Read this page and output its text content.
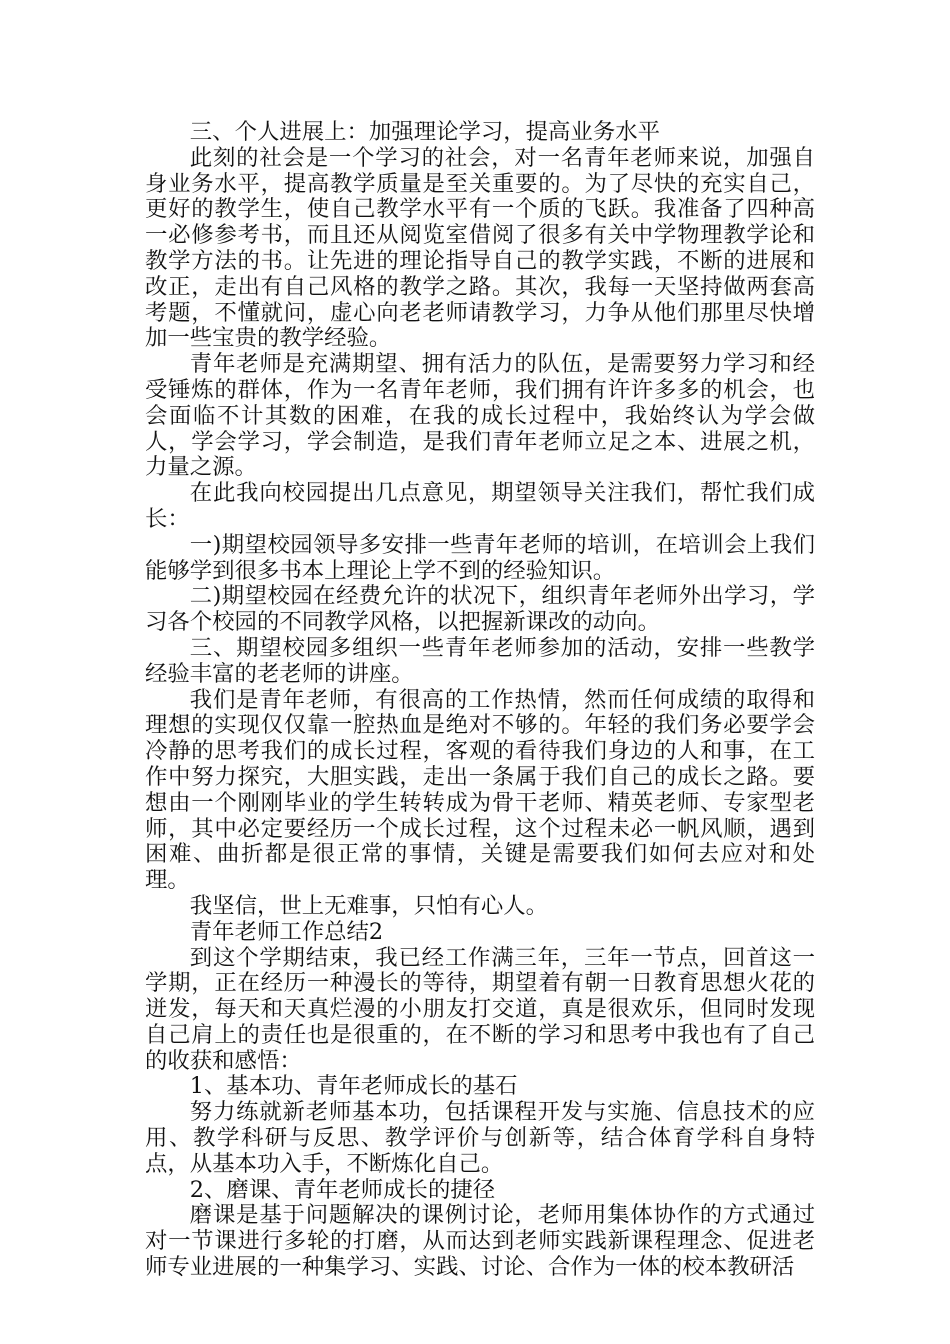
三、个人进展上：加强理论学习，提高业务水平

此刻的社会是一个学习的社会，对一名青年老师来说，加强自身业务水平，提高教学质量是至关重要的。为了尽快的充实自己，更好的教学生，使自己教学水平有一个质的飞跃。我准备了四种高一必修参考书，而且还从阅览室借阅了很多有关中学物理教学论和教学方法的书。让先进的理论指导自己的教学实践，不断的进展和改正，走出有自己风格的教学之路。其次，我每一天坚持做两套高考题，不懂就问，虚心向老老师请教学习，力争从他们那里尽快增加一些宝贵的教学经验。

青年老师是充满期望、拥有活力的队伍，是需要努力学习和经受锤炼的群体，作为一名青年老师，我们拥有许许多多的机会，也会面临不计其数的困难，在我的成长过程中，我始终认为学会做人，学会学习，学会制造，是我们青年老师立足之本、进展之机，力量之源。

在此我向校园提出几点意见，期望领导关注我们，帮忙我们成长：

一)期望校园领导多安排一些青年老师的培训，在培训会上我们能够学到很多书本上理论上学不到的经验知识。

二)期望校园在经费允许的状况下，组织青年老师外出学习，学习各个校园的不同教学风格，以把握新课改的动向。

三、期望校园多组织一些青年老师参加的活动，安排一些教学经验丰富的老老师的讲座。

我们是青年老师，有很高的工作热情，然而任何成绩的取得和理想的实现仅仅靠一腔热血是绝对不够的。年轻的我们务必要学会冷静的思考我们的成长过程，客观的看待我们身边的人和事，在工作中努力探究，大胆实践，走出一条属于我们自己的成长之路。要想由一个刚刚毕业的学生转转成为骨干老师、精英老师、专家型老师，其中必定要经历一个成长过程，这个过程未必一帆风顺，遇到困难、曲折都是很正常的事情，关键是需要我们如何去应对和处理。

我坚信，世上无难事，只怕有心人。

青年老师工作总结2

到这个学期结束，我已经工作满三年，三年一节点，回首这一学期，正在经历一种漫长的等待，期望着有朝一日教育思想火花的迸发，每天和天真烂漫的小朋友打交道，真是很欢乐，但同时发现自己肩上的责任也是很重的，在不断的学习和思考中我也有了自己的收获和感悟：

1、基本功、青年老师成长的基石

努力练就新老师基本功，包括课程开发与实施、信息技术的应用、教学科研与反思、教学评价与创新等，结合体育学科自身特点，从基本功入手，不断炼化自己。

2、磨课、青年老师成长的捷径

磨课是基于问题解决的课例讨论，老师用集体协作的方式通过对一节课进行多轮的打磨，从而达到老师实践新课程理念、促进老师专业进展的一种集学习、实践、讨论、合作为一体的校本教研活
